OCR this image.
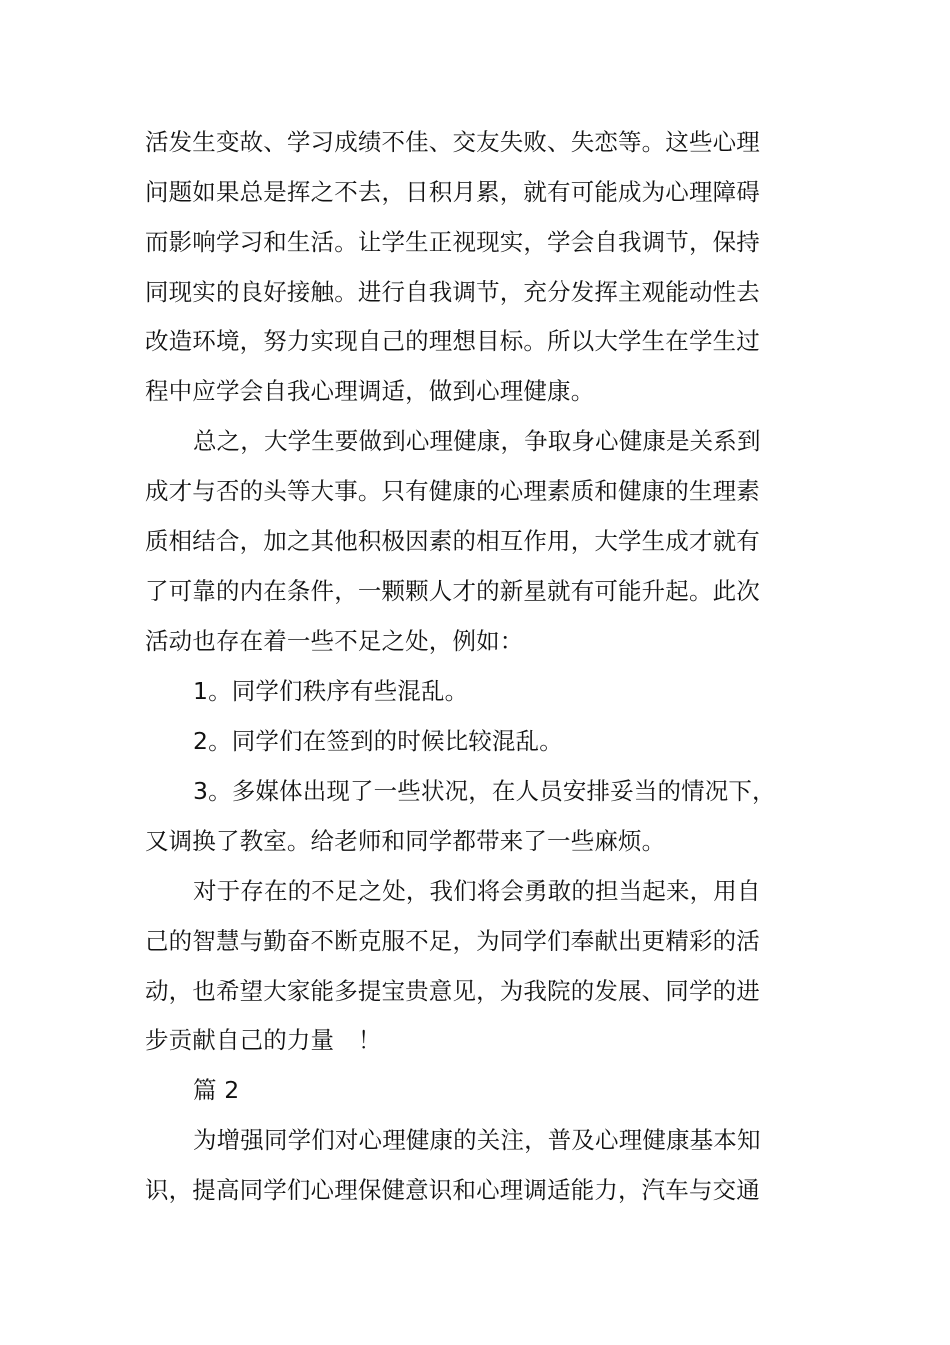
活发生变故、学习成绩不佳、交友失败、失恋等。这些心理
问题如果总是挥之不去，日积月累，就有可能成为心理障碍
而影响学习和生活。让学生正视现实，学会自我调节，保持
同现实的良好接触。进行自我调节，充分发挥主观能动性去
改造环境，努力实现自己的理想目标。所以大学生在学生过
程中应学会自我心理调适，做到心理健康。
总之，大学生要做到心理健康，争取身心健康是关系到
成才与否的头等大事。只有健康的心理素质和健康的生理素
质相结合，加之其他积极因素的相互作用，大学生成才就有
了可靠的内在条件，一颗颗人才的新星就有可能升起。此次
活动也存在着一些不足之处，例如：
1。同学们秩序有些混乱。
2。同学们在签到的时候比较混乱。
3。多媒体出现了一些状况，在人员安排妥当的情况下，
又调换了教室。给老师和同学都带来了一些麻烦。
对于存在的不足之处，我们将会勇敢的担当起来，用自
己的智慧与勤奋不断克服不足，为同学们奉献出更精彩的活
动，也希望大家能多提宝贵意见，为我院的发展、同学的进
步贡献自己的力量　！
篇 2
为增强同学们对心理健康的关注，普及心理健康基本知
识，提高同学们心理保健意识和心理调适能力，汽车与交通
